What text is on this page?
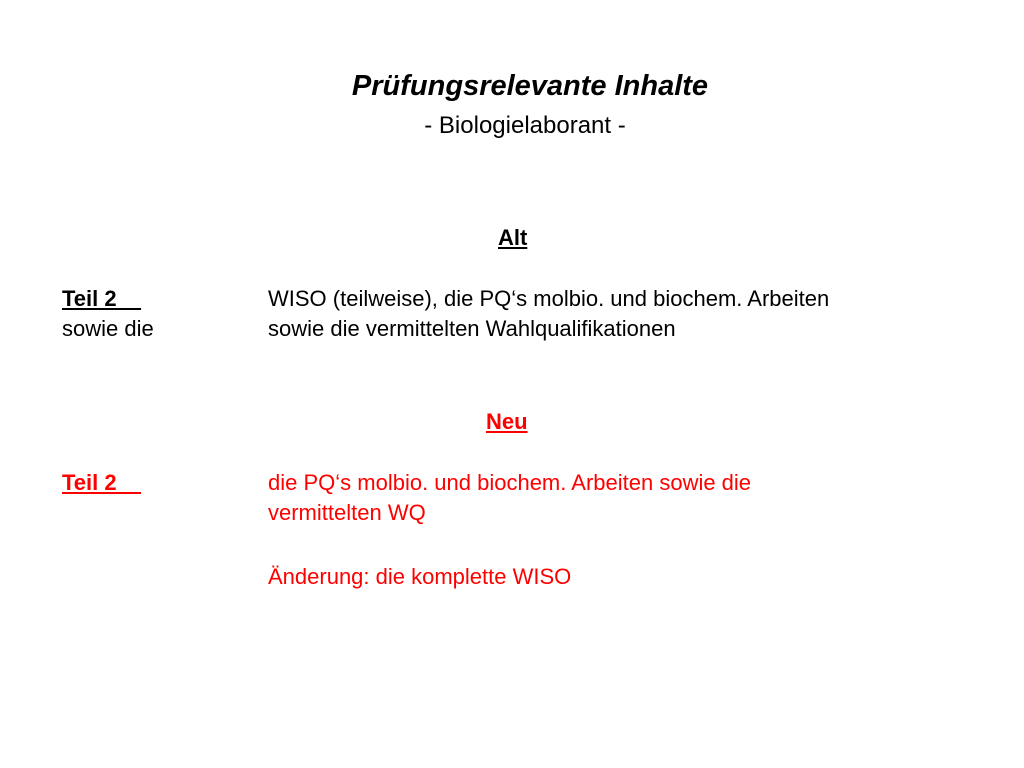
Prüfungsrelevante Inhalte

- Biologielaborant -

Alt
Teil 2
sowie die
WISO (teilweise), die PQ‘s molbio. und biochem. Arbeiten
sowie die vermittelten Wahlqualifikationen
Neu
Teil 2	die PQ‘s molbio. und biochem. Arbeiten sowie die
vermittelten WQ
Änderung: die komplette WISO
